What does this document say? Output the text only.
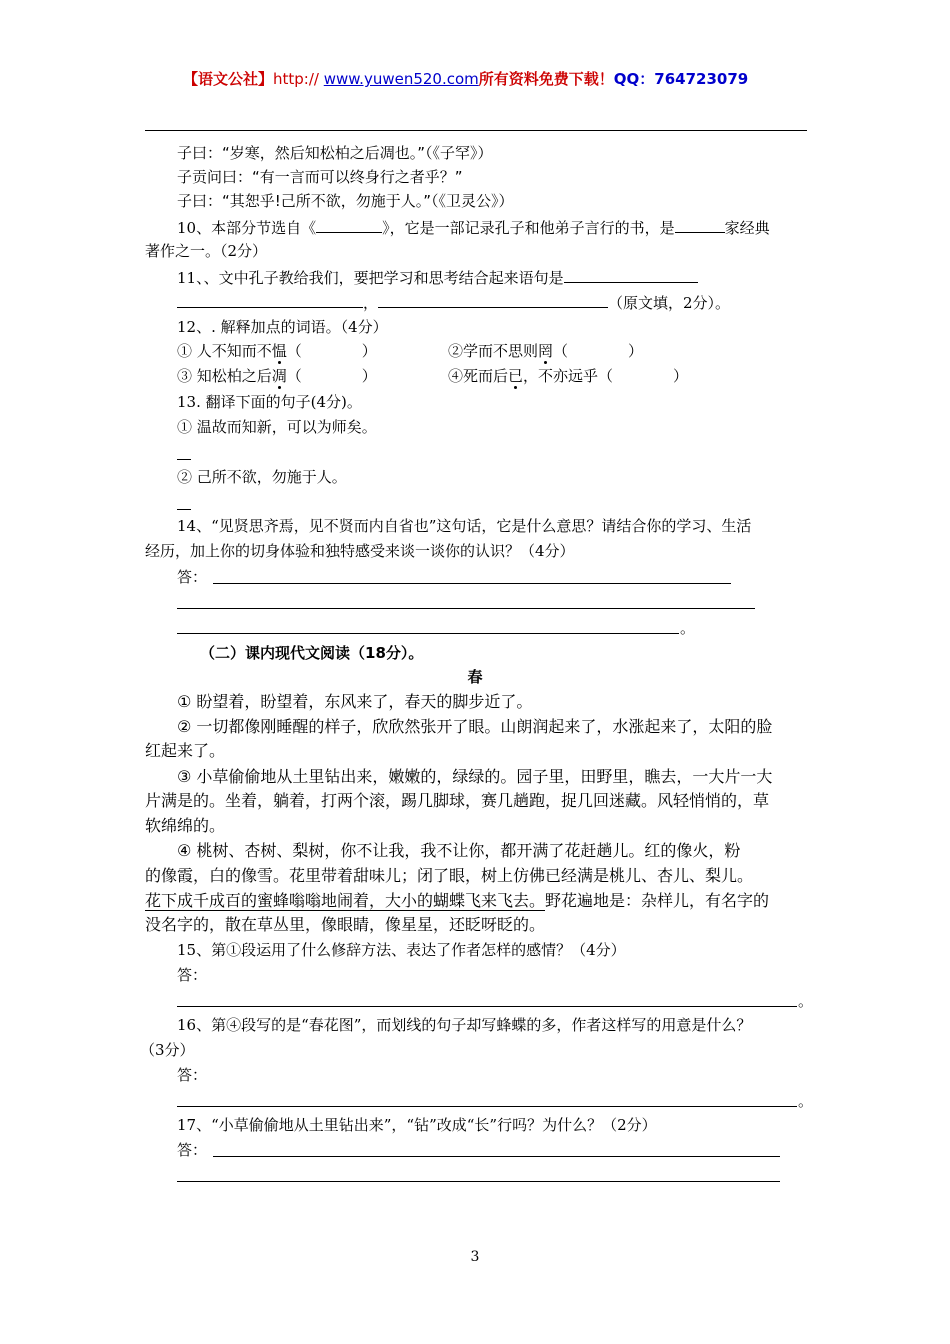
【语文公社】http:// www.yuwen520.com所有资料免费下载！QQ：764723079
子曰：“岁寒，然后知松柏之后凋也。”（《子罕》）
子贡问曰：“有一言而可以终身行之者乎？”
子曰：“其恕乎!己所不欲，勿施于人。”（《卫灵公》）
10、本部分节选自《	》，它是一部记录孔子和他弟子言行的书，是	家经典
著作之一。（2分）
11、、文中孔子教给我们，要把学习和思考结合起来语句是
，	（原文填，2分）。
12、. 解释加点的词语。（4分）
① 人不知而不愠（　　　　）	②学而不思则罔（　　　　）
③ 知松柏之后凋（　　　　）	④死而后已，不亦远乎（　　　　）
13. 翻译下面的句子(4分)。
① 温故而知新，可以为师矣。
② 己所不欲，勿施于人。
14、“见贤思齐焉，见不贤而内自省也”这句话，它是什么意思？请结合你的学习、生活
经历，加上你的切身体验和独特感受来谈一谈你的认识？（4分）
答：
。
（二）课内现代文阅读（18分）。
春
① 盼望着，盼望着，东风来了，春天的脚步近了。
② 一切都像刚睡醒的样子，欣欣然张开了眼。山朗润起来了，水涨起来了，太阳的脸
红起来了。
③ 小草偷偷地从土里钻出来，嫩嫩的，绿绿的。园子里，田野里，瞧去，一大片一大
片满是的。坐着，躺着，打两个滚，踢几脚球，赛几趟跑，捉几回迷藏。风轻悄悄的，草
软绵绵的。
④ 桃树、杏树、梨树，你不让我，我不让你，都开满了花赶趟儿。红的像火，粉
的像霞，白的像雪。花里带着甜味儿；闭了眼，树上仿佛已经满是桃儿、杏儿、梨儿。
花下成千成百的蜜蜂嗡嗡地闹着，大小的蝴蝶飞来飞去。野花遍地是：杂样儿，有名字的
没名字的，散在草丛里，像眼睛，像星星，还眨呀眨的。
15、第①段运用了什么修辞方法、表达了作者怎样的感情？（4分）
答：
。
16、第④段写的是“春花图”，而划线的句子却写蜂蝶的多，作者这样写的用意是什么？
（3分）
答：
。
17、“小草偷偷地从土里钻出来”，“钻”改成“长”行吗？为什么？（2分）
答：
3
